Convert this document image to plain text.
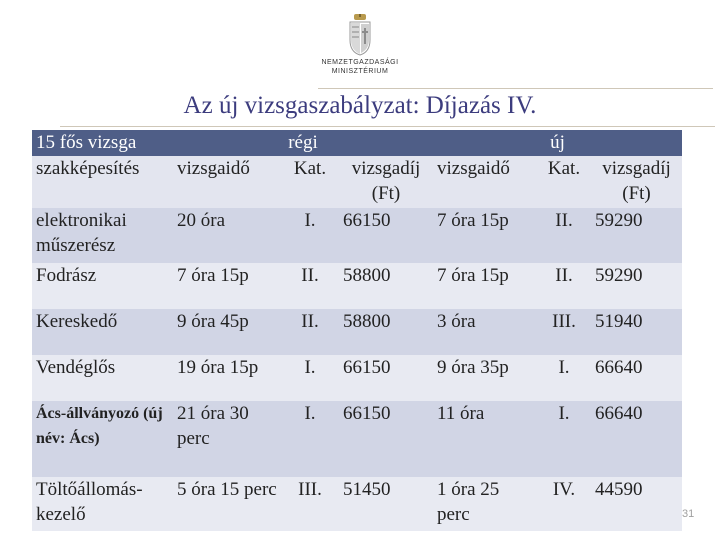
NEMZETGAZDASÁGI
MINISZTÉRIUM
Az új vizsgaszabályzat: Díjazás IV.
15 fős vizsga	régi			új		
szakképesítés	vizsgaidő	Kat.	vizsgadíj (Ft)	vizsgaidő	Kat.	vizsgadíj (Ft)
elektronikai műszerész	20 óra	I.	66150	7 óra 15p	II.	59290
Fodrász	7 óra 15p	II.	58800	7 óra 15p	II.	59290
Kereskedő	9 óra 45p	II.	58800	3 óra	III.	51940
Vendéglős	19 óra 15p	I.	66150	9 óra 35p	I.	66640
Ács-állványozó (új név: Ács)	21 óra 30 perc	I.	66150	11 óra	I.	66640
Töltőállomás-kezelő	5 óra 15 perc	III.	51450	1 óra 25 perc	IV.	44590
31
